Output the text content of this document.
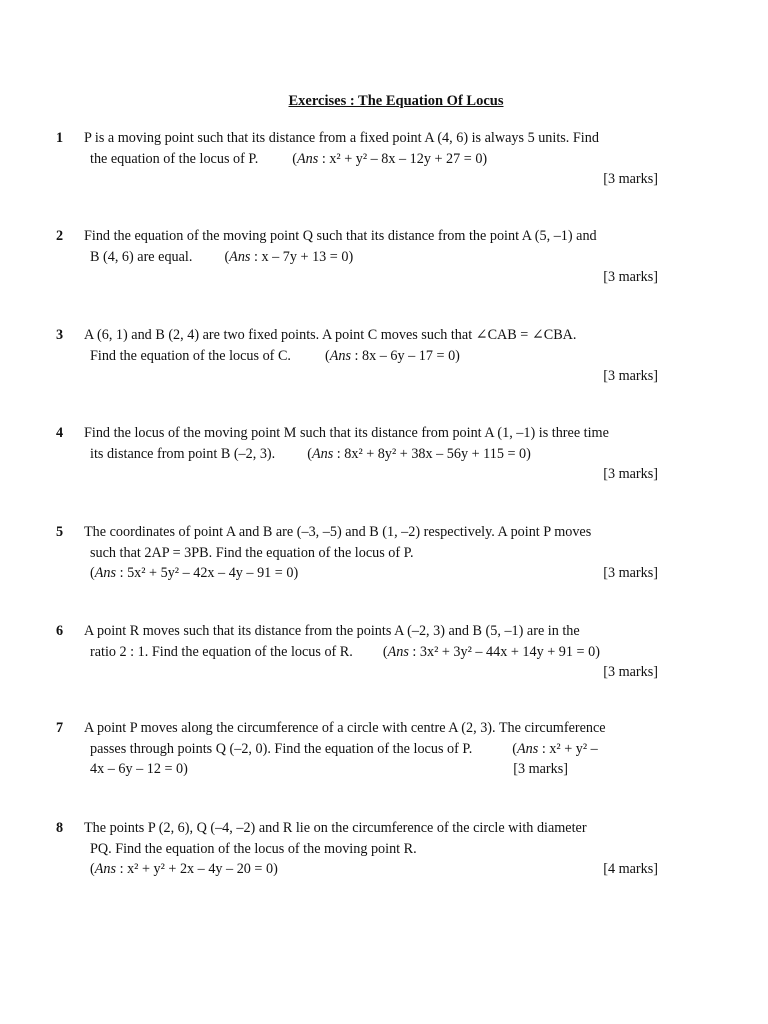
Exercises : The Equation Of Locus
1	P is a moving point such that its distance from a fixed point A (4, 6) is always 5 units. Find
the equation of the locus of P. (Ans : x² + y² – 8x – 12y + 27 = 0)
[3 marks]
2	Find the equation of the moving point Q such that its distance from the point A (5, –1) and
B (4, 6) are equal. (Ans : x – 7y + 13 = 0)
[3 marks]
3	A (6, 1) and B (2, 4) are two fixed points. A point C moves such that ∠CAB = ∠CBA.
Find the equation of the locus of C. (Ans : 8x – 6y – 17 = 0)
[3 marks]
4	Find the locus of the moving point M such that its distance from point A (1, –1) is three time
its distance from point B (–2, 3). (Ans : 8x² + 8y² + 38x – 56y + 115 = 0)
[3 marks]
5	The coordinates of point A and B are (–3, –5) and B (1, –2) respectively. A point P moves
such that 2AP = 3PB. Find the equation of the locus of P.
(Ans : 5x² + 5y² – 42x – 4y – 91 = 0)	[3 marks]
6	A point R moves such that its distance from the points A (–2, 3) and B (5, –1) are in the
ratio 2 : 1. Find the equation of the locus of R. (Ans : 3x² + 3y² – 44x + 14y + 91 = 0)
[3 marks]
7	A point P moves along the circumference of a circle with centre A (2, 3). The circumference
passes through points Q (–2, 0). Find the equation of the locus of P.	(Ans : x² + y² –
4x – 6y – 12 = 0)	[3 marks]
8	The points P (2, 6), Q (–4, –2) and R lie on the circumference of the circle with diameter
PQ. Find the equation of the locus of the moving point R.
(Ans : x² + y² + 2x – 4y – 20 = 0)	[4 marks]
